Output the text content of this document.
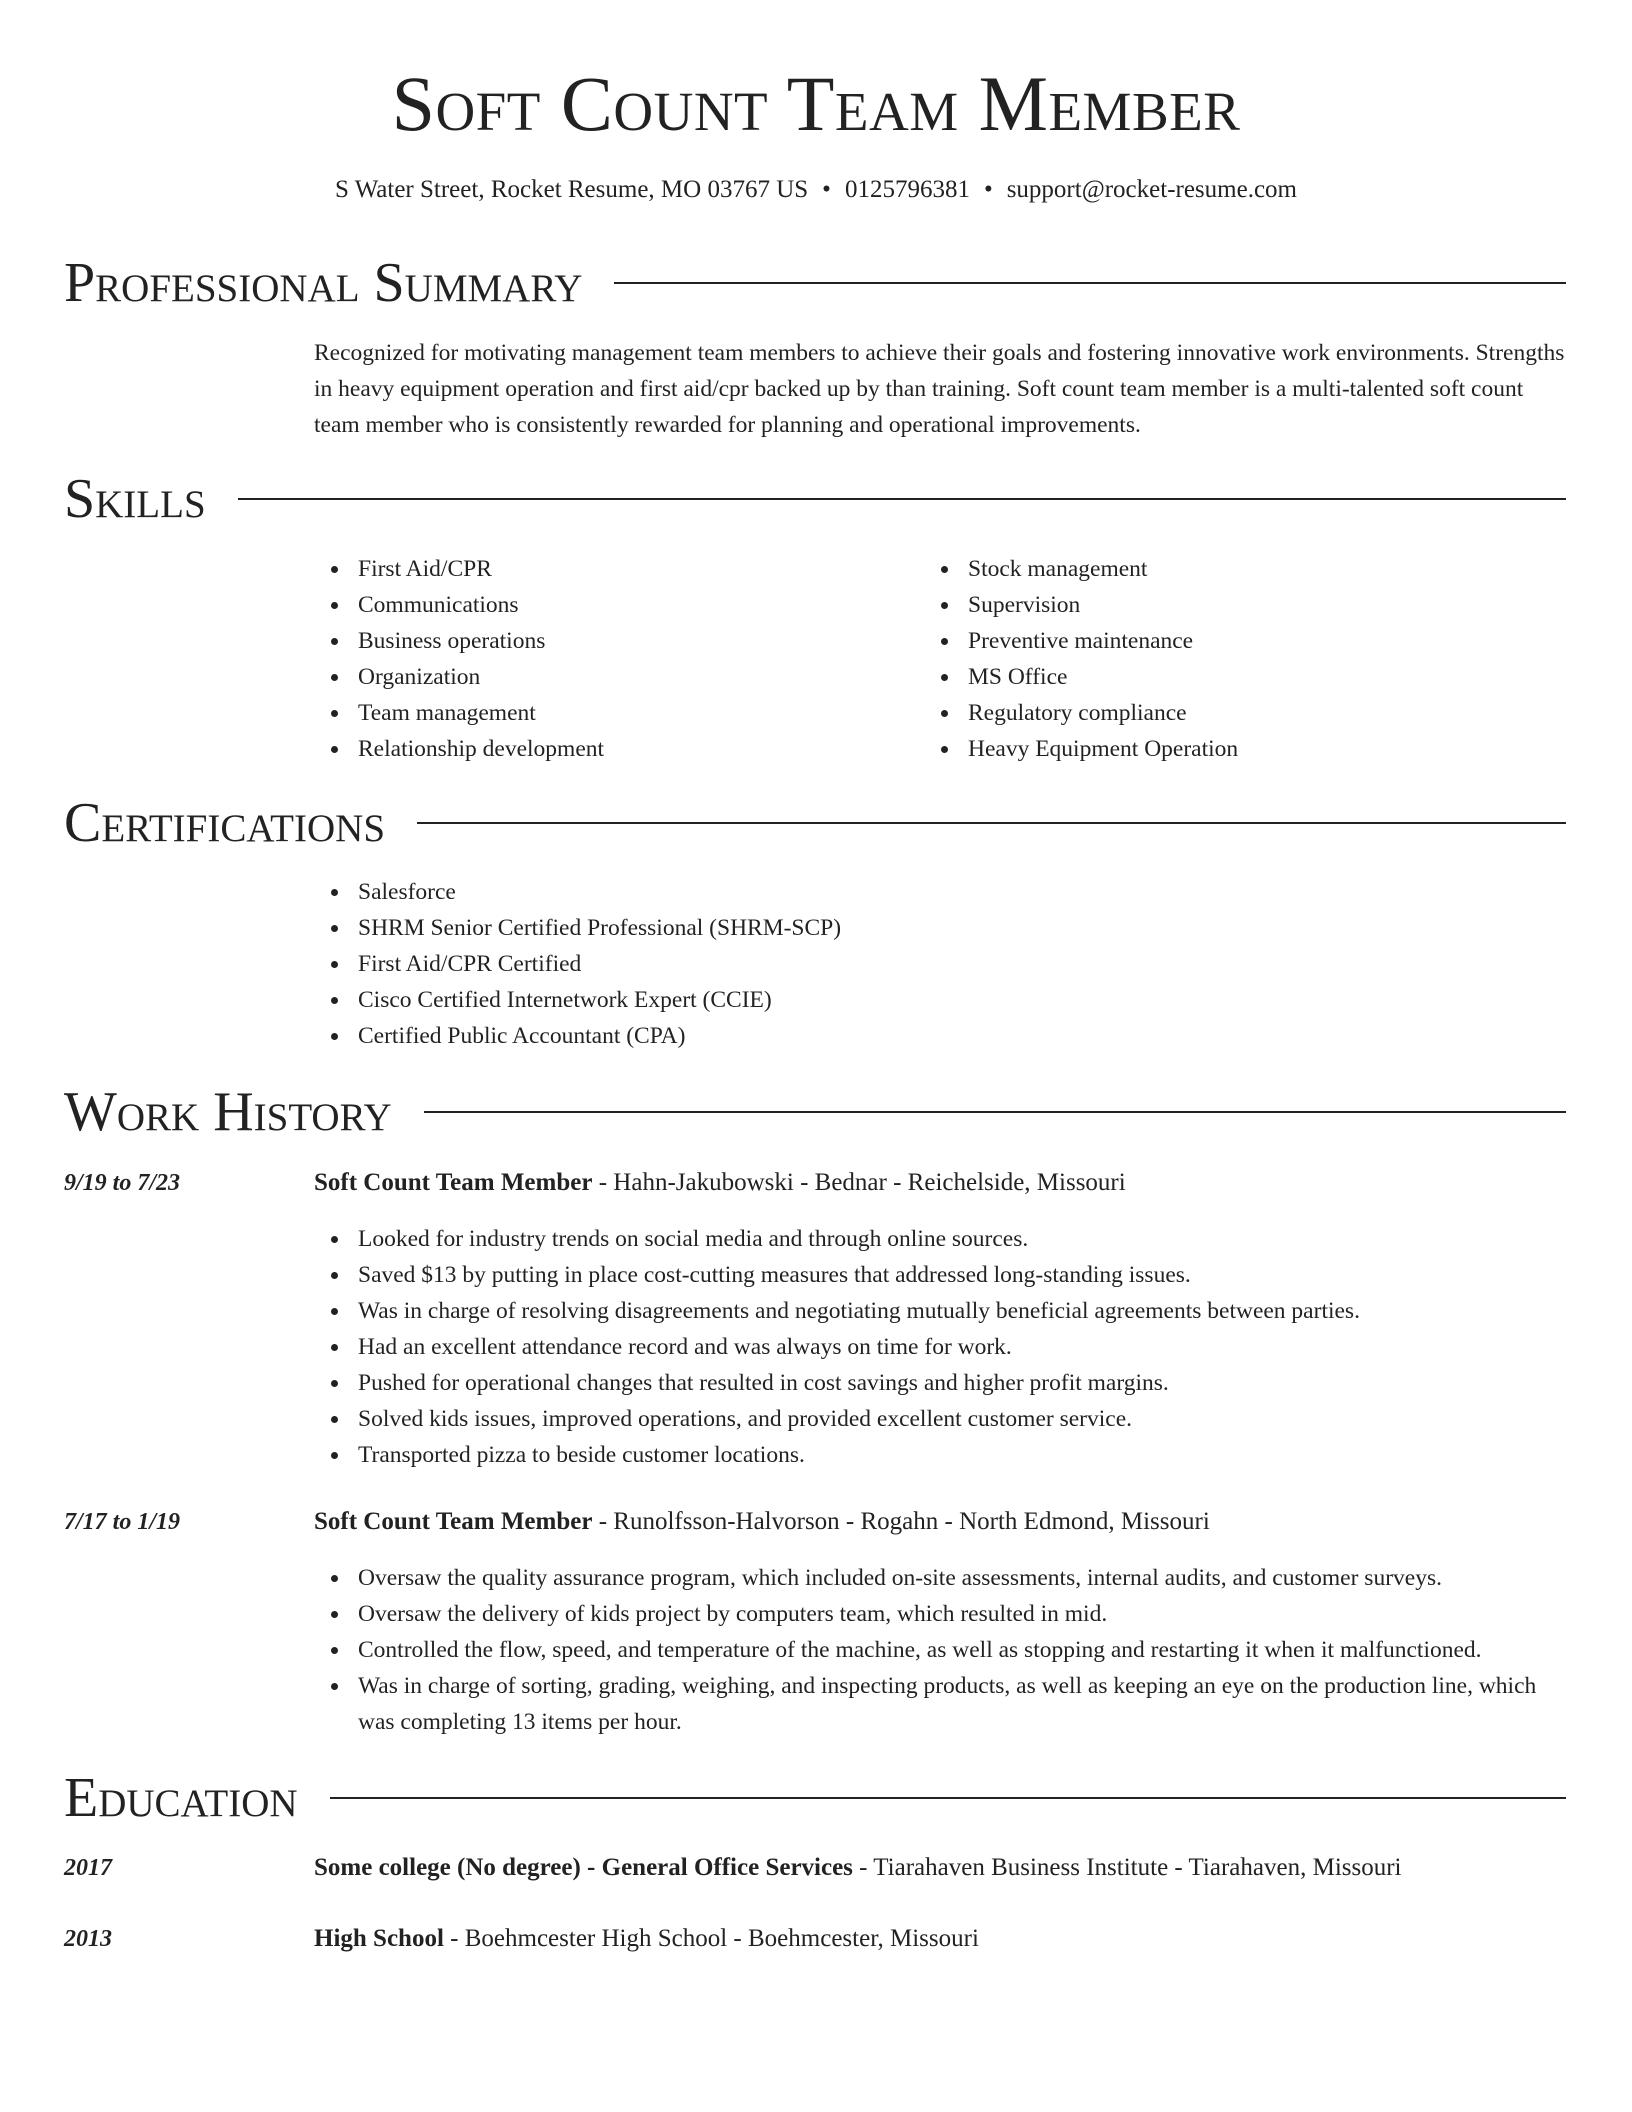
Soft Count Team Member
S Water Street, Rocket Resume, MO 03767 US • 0125796381 • support@rocket-resume.com
Professional Summary

Recognized for motivating management team members to achieve their goals and fostering innovative work environments. Strengths in heavy equipment operation and first aid/cpr backed up by than training. Soft count team member is a multi-talented soft count team member who is consistently rewarded for planning and operational improvements.

Skills
First Aid/CPR
Communications
Business operations
Organization
Team management
Relationship development
Stock management
Supervision
Preventive maintenance
MS Office
Regulatory compliance
Heavy Equipment Operation
Certifications
Salesforce
SHRM Senior Certified Professional (SHRM-SCP)
First Aid/CPR Certified
Cisco Certified Internetwork Expert (CCIE)
Certified Public Accountant (CPA)
Work History
9/19 to 7/23	Soft Count Team Member - Hahn-Jakubowski - Bednar - Reichelside, Missouri
Looked for industry trends on social media and through online sources.
Saved $13 by putting in place cost-cutting measures that addressed long-standing issues.
Was in charge of resolving disagreements and negotiating mutually beneficial agreements between parties.
Had an excellent attendance record and was always on time for work.
Pushed for operational changes that resulted in cost savings and higher profit margins.
Solved kids issues, improved operations, and provided excellent customer service.
Transported pizza to beside customer locations.
7/17 to 1/19	Soft Count Team Member - Runolfsson-Halvorson - Rogahn - North Edmond, Missouri
Oversaw the quality assurance program, which included on-site assessments, internal audits, and customer surveys.
Oversaw the delivery of kids project by computers team, which resulted in mid.
Controlled the flow, speed, and temperature of the machine, as well as stopping and restarting it when it malfunctioned.
Was in charge of sorting, grading, weighing, and inspecting products, as well as keeping an eye on the production line, which was completing 13 items per hour.
Education
2017	Some college (No degree) - General Office Services - Tiarahaven Business Institute - Tiarahaven, Missouri
2013	High School - Boehmcester High School - Boehmcester, Missouri
